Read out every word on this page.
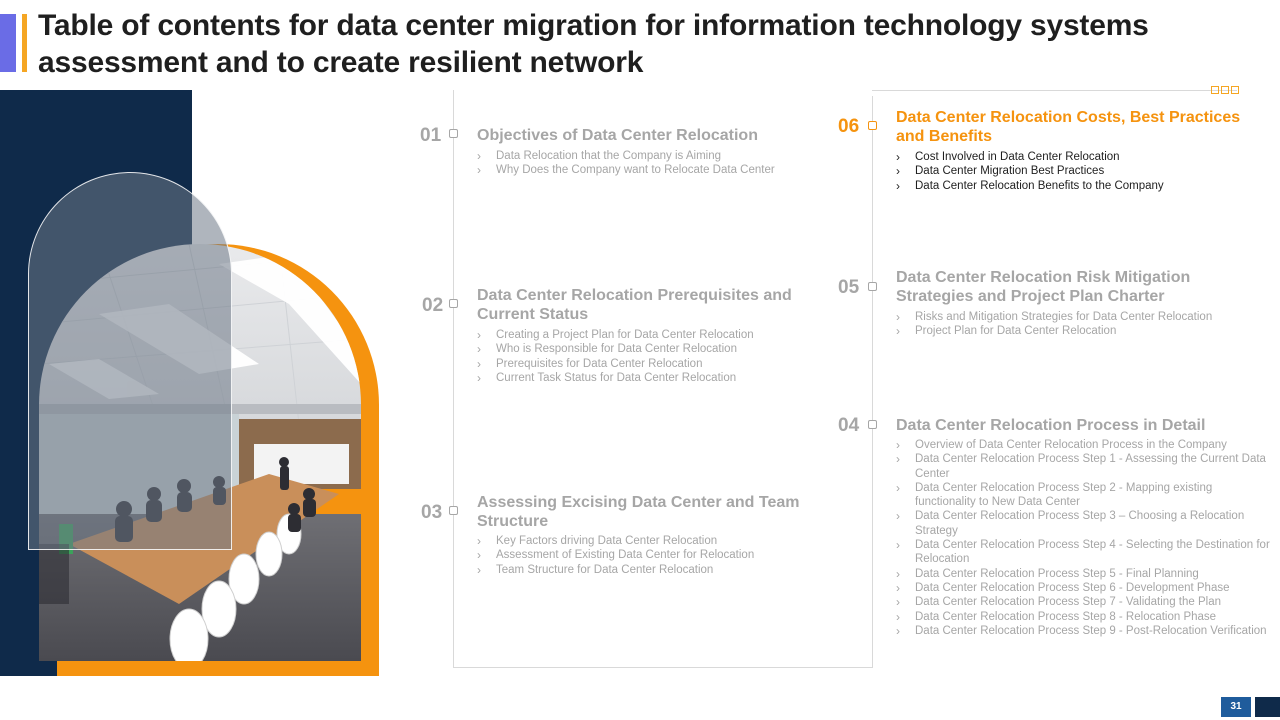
Table of contents for data center migration for information technology systems assessment and to create resilient network
01 Objectives of Data Center Relocation
› Data Relocation that the Company is Aiming
› Why Does the Company want to Relocate Data Center
02 Data Center Relocation Prerequisites and Current Status
› Creating a Project Plan for Data Center Relocation
› Who is Responsible for Data Center Relocation
› Prerequisites for Data Center Relocation
› Current Task Status for Data Center Relocation
03 Assessing Excising Data Center and Team Structure
› Key Factors driving Data Center Relocation
› Assessment of Existing Data Center for Relocation
› Team Structure for Data Center Relocation
06 Data Center Relocation Costs, Best Practices and Benefits
› Cost Involved in Data Center Relocation
› Data Center Migration Best Practices
› Data Center Relocation Benefits to the Company
05 Data Center Relocation Risk Mitigation Strategies and Project Plan Charter
› Risks and Mitigation Strategies for Data Center Relocation
› Project Plan for Data Center Relocation
04 Data Center Relocation Process in Detail
› Overview of Data Center Relocation Process in the Company
› Data Center Relocation Process Step 1 - Assessing the Current Data Center
› Data Center Relocation Process Step 2 - Mapping existing functionality to New Data Center
› Data Center Relocation Process Step 3 – Choosing a Relocation Strategy
› Data Center Relocation Process Step 4 - Selecting the Destination for Relocation
› Data Center Relocation Process Step 5 - Final Planning
› Data Center Relocation Process Step 6 - Development Phase
› Data Center Relocation Process Step 7 - Validating the Plan
› Data Center Relocation Process Step 8 - Relocation Phase
› Data Center Relocation Process Step 9 - Post-Relocation Verification
31
